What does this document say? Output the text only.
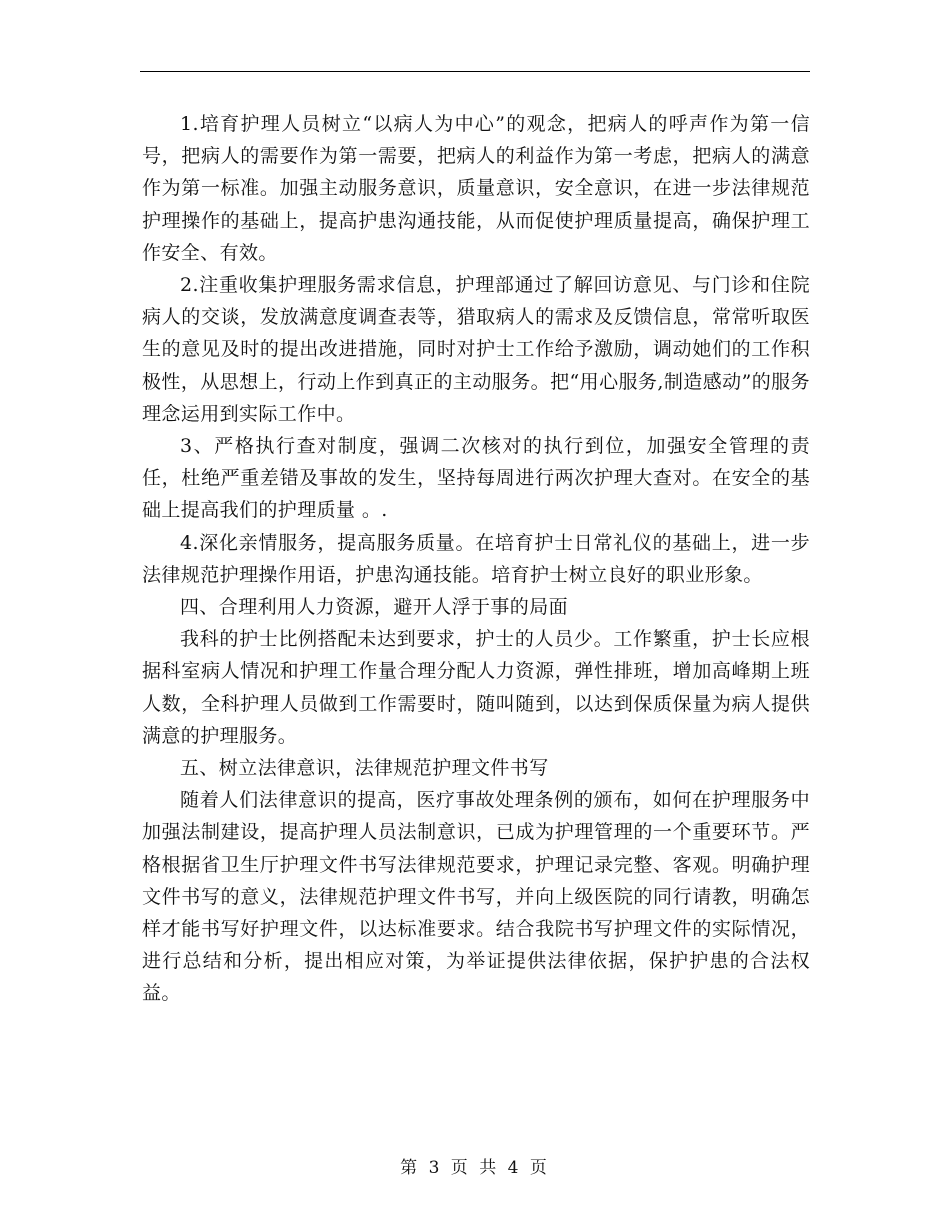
1.培育护理人员树立“以病人为中心”的观念，把病人的呼声作为第一信号，把病人的需要作为第一需要，把病人的利益作为第一考虑，把病人的满意作为第一标准。加强主动服务意识，质量意识，安全意识，在进一步法律规范护理操作的基础上，提高护患沟通技能，从而促使护理质量提高，确保护理工作安全、有效。

2.注重收集护理服务需求信息，护理部通过了解回访意见、与门诊和住院病人的交谈，发放满意度调查表等，猎取病人的需求及反馈信息，常常听取医生的意见及时的提出改进措施，同时对护士工作给予激励，调动她们的工作积极性，从思想上，行动上作到真正的主动服务。把“用心服务,制造感动”的服务理念运用到实际工作中。

3、严格执行查对制度，强调二次核对的执行到位，加强安全管理的责任，杜绝严重差错及事故的发生，坚持每周进行两次护理大查对。在安全的基础上提高我们的护理质量 。.

4.深化亲情服务，提高服务质量。在培育护士日常礼仪的基础上，进一步法律规范护理操作用语，护患沟通技能。培育护士树立良好的职业形象。

四、合理利用人力资源，避开人浮于事的局面

我科的护士比例搭配未达到要求，护士的人员少。工作繁重，护士长应根据科室病人情况和护理工作量合理分配人力资源，弹性排班，增加高峰期上班人数，全科护理人员做到工作需要时，随叫随到，以达到保质保量为病人提供满意的护理服务。

五、树立法律意识，法律规范护理文件书写

随着人们法律意识的提高，医疗事故处理条例的颁布，如何在护理服务中加强法制建设，提高护理人员法制意识，已成为护理管理的一个重要环节。严格根据省卫生厅护理文件书写法律规范要求，护理记录完整、客观。明确护理文件书写的意义，法律规范护理文件书写，并向上级医院的同行请教，明确怎样才能书写好护理文件，以达标准要求。结合我院书写护理文件的实际情况，进行总结和分析，提出相应对策，为举证提供法律依据，保护护患的合法权益。

第 3 页 共 4 页
